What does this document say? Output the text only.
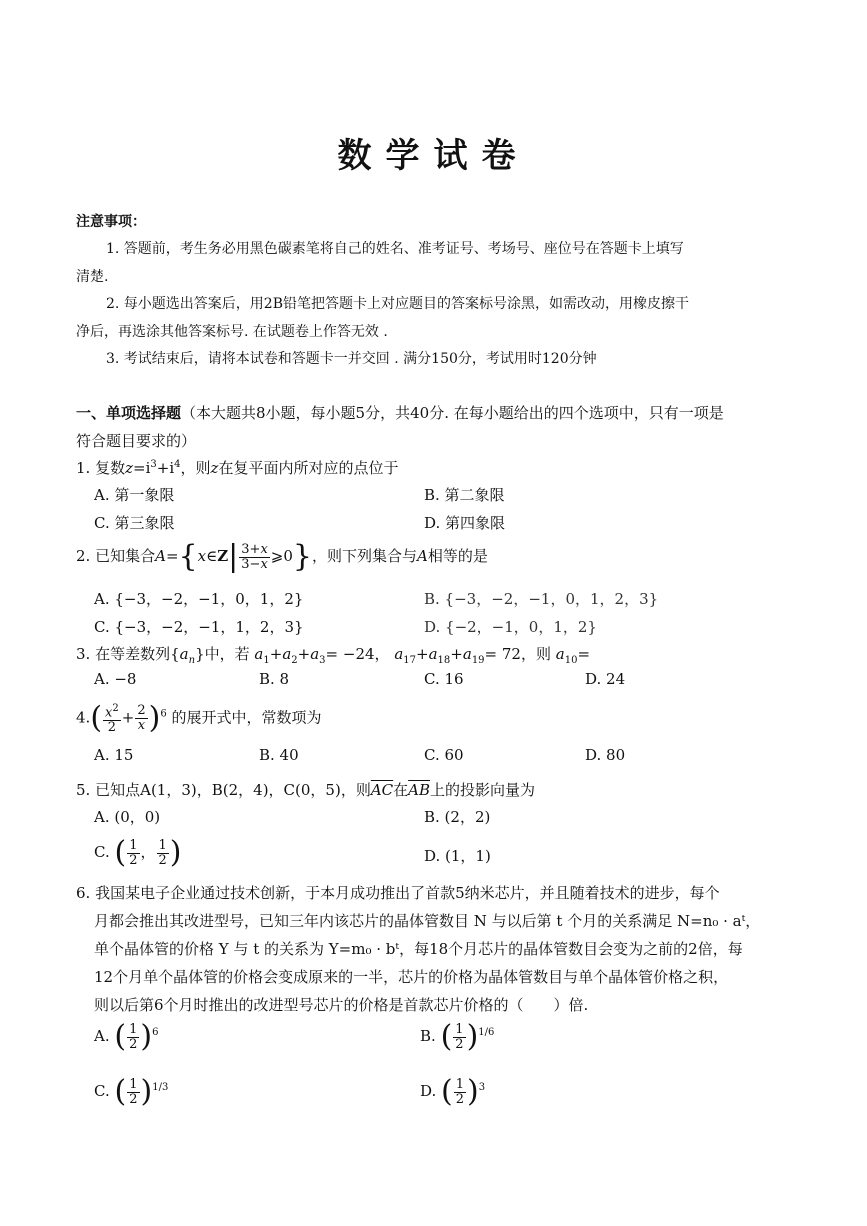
数学试卷
注意事项：
1. 答题前，考生务必用黑色碳素笔将自己的姓名、准考证号、考场号、座位号在答题卡上填写
清楚.
2. 每小题选出答案后，用2B铅笔把答题卡上对应题目的答案标号涂黑，如需改动，用橡皮擦干
净后，再选涂其他答案标号. 在试题卷上作答无效 .
3. 考试结束后，请将本试卷和答题卡一并交回 . 满分150分，考试用时120分钟
一、单项选择题（本大题共8小题，每小题5分，共40分. 在每小题给出的四个选项中，只有一项是
符合题目要求的）
1. 复数$z=i^3+i^4$，则z在复平面内所对应的点位于
A. 第一象限	B. 第二象限
C. 第三象限	D. 第四象限
2. 已知集合A={x∈Z| $\frac{3+x}{3-x}$ ⩾0}，则下列集合与A相等的是
A. {−3，−2，−1，0，1，2}	B. {−3，−2，−1，0，1，2，3}
C. {−3，−2，−1，1，2，3}	D. {−2，−1，0，1，2}
3. 在等差数列$\{a_n\}$中，若 $a_1+a_2+a_3= -24$， $a_{17}+a_{18}+a_{19}= 72$，则 $a_{10}=$
A. −8	B. 8	C. 16	D. 24
$4.( \frac{x^2}{2} + \frac{2}{x} )^6$ 的展开式中，常数项为
A. 15	B. 40	C. 60	D. 80
5. 已知点A(1，3)，B(2，4)，C(0，5)，则$\overline{AC}$在$\overline{AB}$上的投影向量为
A. (0，0)	B. (2，2)
C. ( $\frac{1}{2}$ ， $\frac{1}{2}$ )	D. (1，1)
6. 我国某电子企业通过技术创新，于本月成功推出了首款5纳米芯片，并且随着技术的进步，每个
月都会推出其改进型号，已知三年内该芯片的晶体管数目 N 与以后第 t 个月的关系满足 N=n₀ · aᵗ，
单个晶体管的价格 Y 与 t 的关系为 Y=m₀ · bᵗ，每18个月芯片的晶体管数目会变为之前的2倍，每
12个月单个晶体管的价格会变成原来的一半，芯片的价格为晶体管数目与单个晶体管价格之积，
则以后第6个月时推出的改进型号芯片的价格是首款芯片价格的（　　）倍.
A. ( $\frac{1}{2} )^6$	B. ( $\frac{1}{2} )^{1/6}$
C. ( $\frac{1}{2} )^{1/3}$	D. ( $\frac{1}{2} )^3$
